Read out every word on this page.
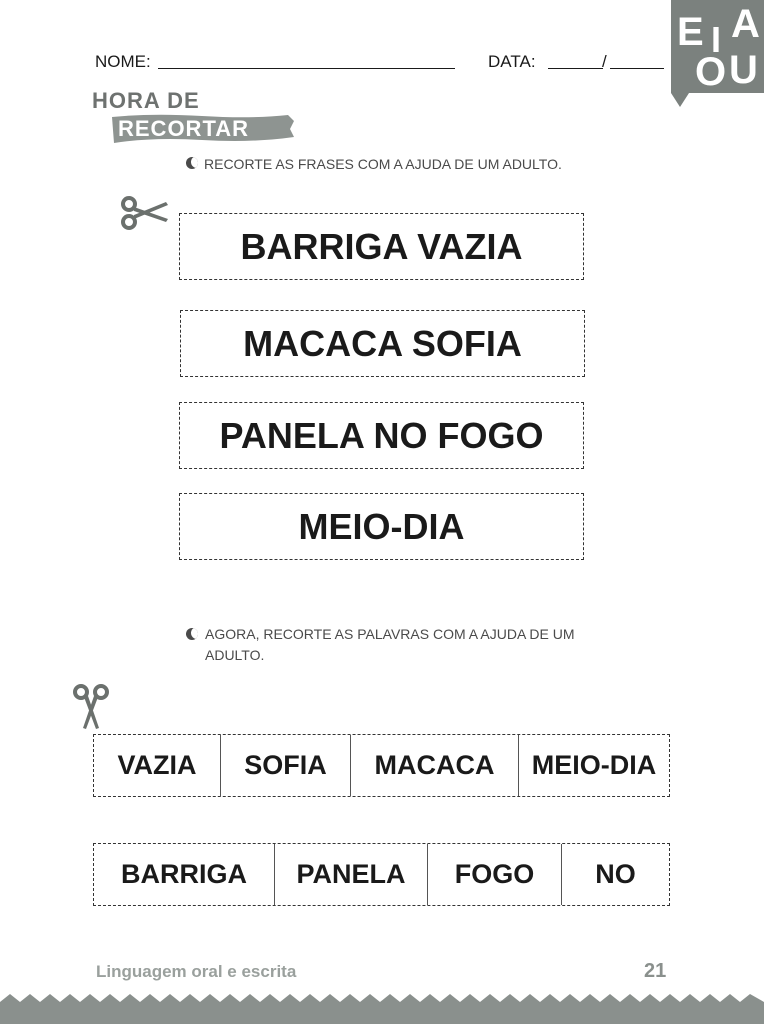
NOME:	DATA:	/
E I A
O U
HORA DE
RECORTAR
RECORTE AS FRASES COM A AJUDA DE UM ADULTO.
BARRIGA VAZIA
MACACA SOFIA
PANELA NO FOGO
MEIO-DIA
AGORA, RECORTE AS PALAVRAS COM A AJUDA DE UM
ADULTO.
VAZIA	SOFIA	MACACA	MEIO-DIA
BARRIGA	PANELA	FOGO	NO
Linguagem oral e escrita	21
